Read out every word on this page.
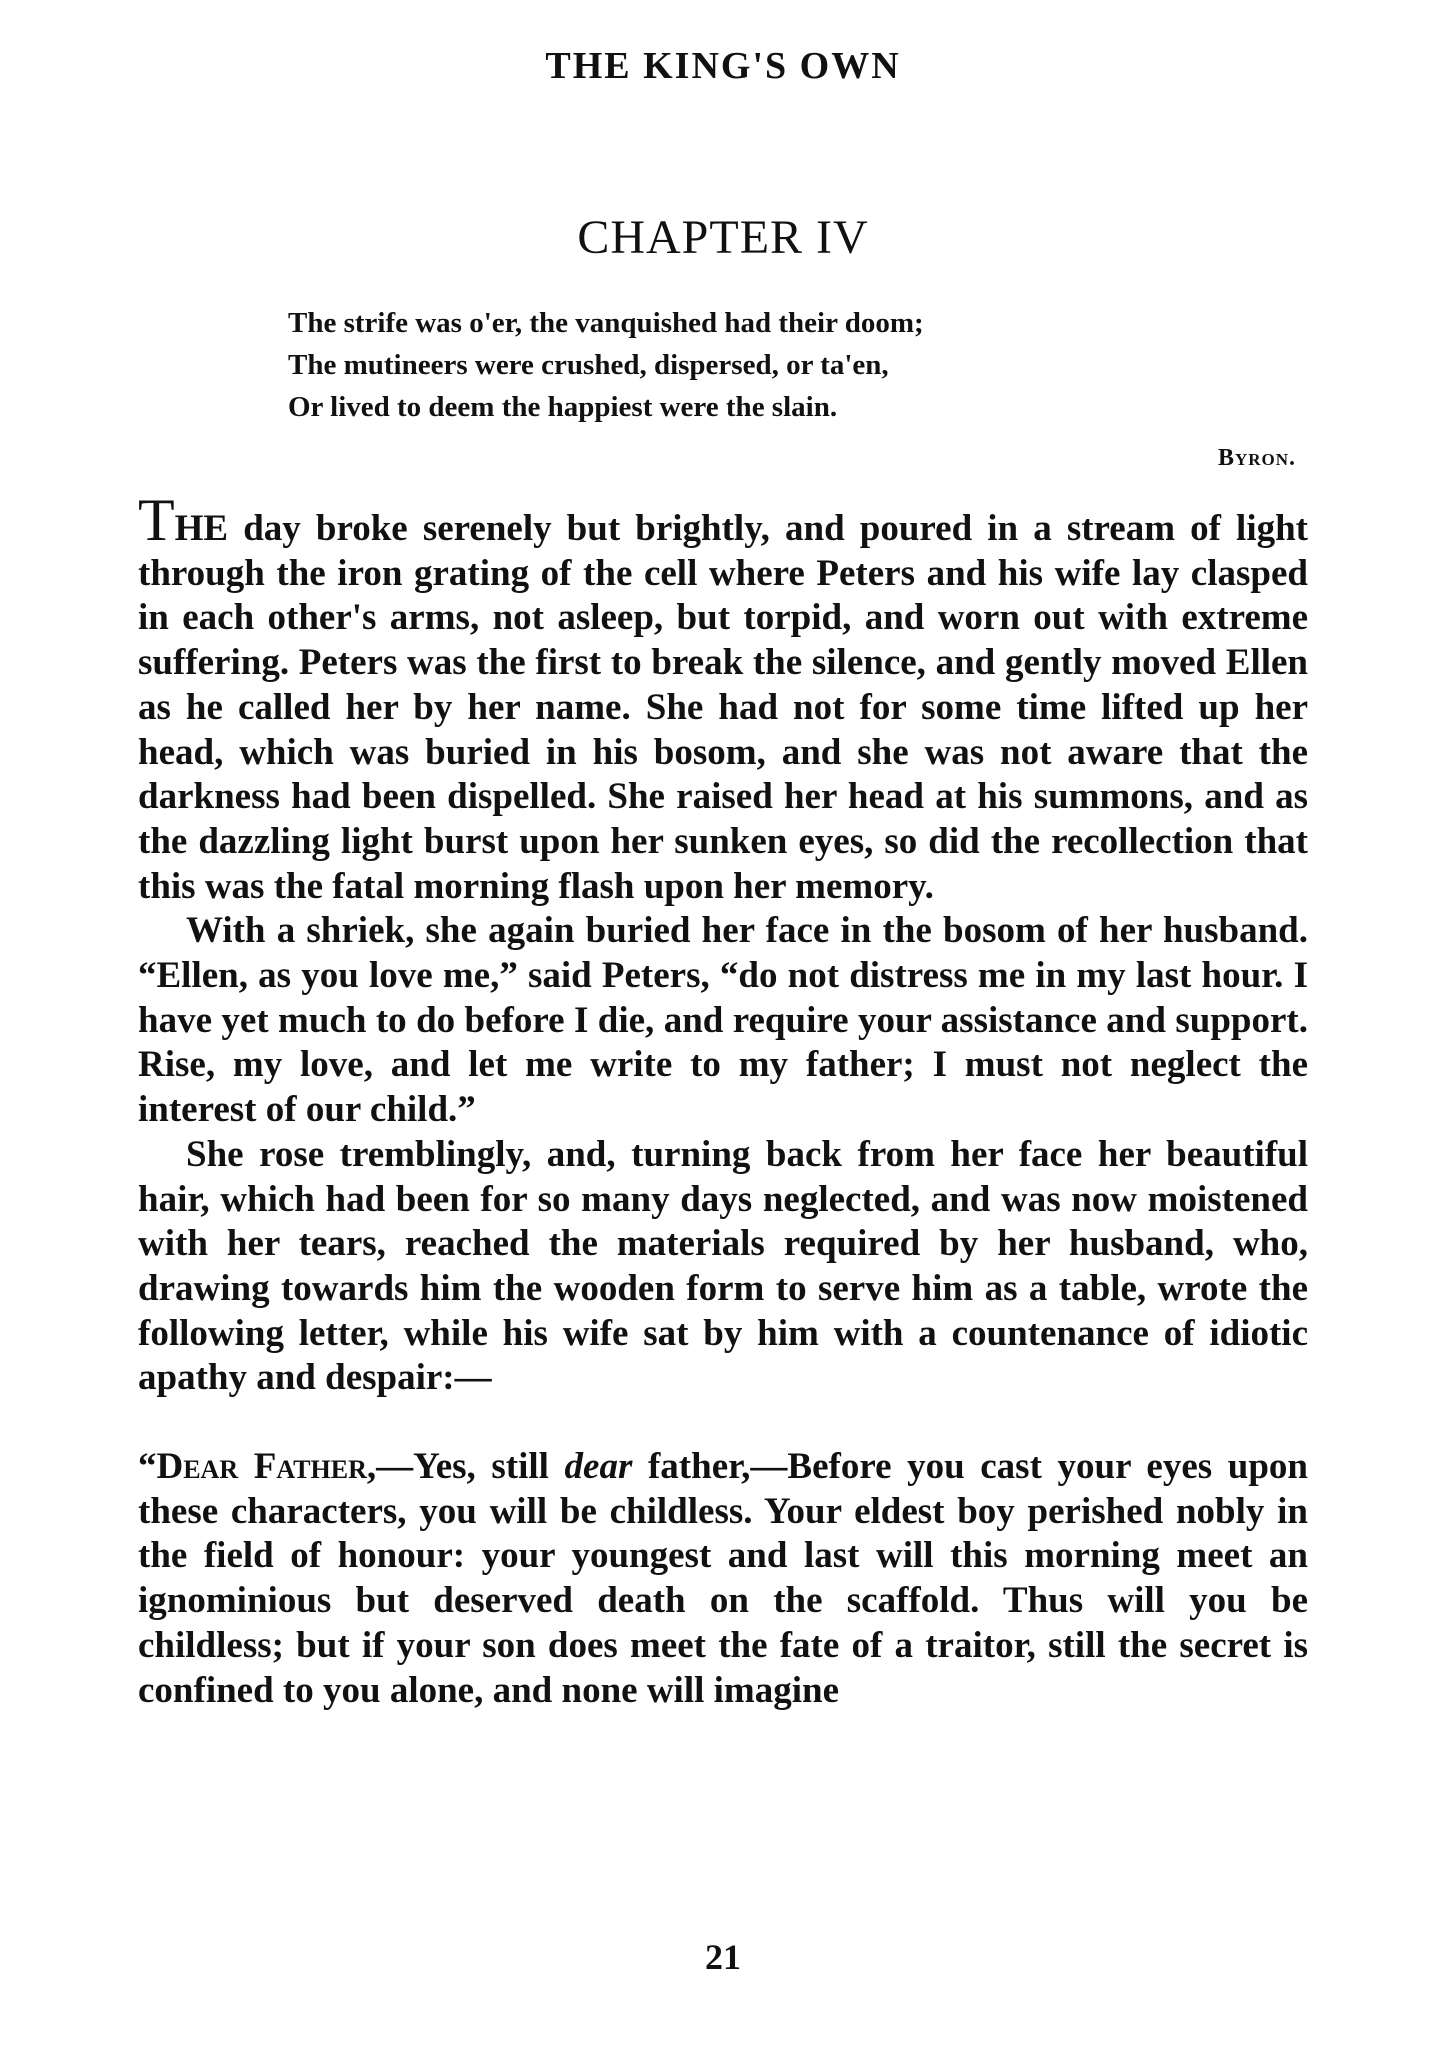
THE KING'S OWN
CHAPTER IV
The strife was o'er, the vanquished had their doom;
The mutineers were crushed, dispersed, or ta'en,
Or lived to deem the happiest were the slain.
Byron.

THE day broke serenely but brightly, and poured in a stream of light through the iron grating of the cell where Peters and his wife lay clasped in each other's arms, not asleep, but torpid, and worn out with extreme suffering. Peters was the first to break the silence, and gently moved Ellen as he called her by her name. She had not for some time lifted up her head, which was buried in his bosom, and she was not aware that the darkness had been dispelled. She raised her head at his summons, and as the dazzling light burst upon her sunken eyes, so did the recollection that this was the fatal morning flash upon her memory.

With a shriek, she again buried her face in the bosom of her husband. “Ellen, as you love me,” said Peters, “do not distress me in my last hour. I have yet much to do before I die, and require your assistance and support. Rise, my love, and let me write to my father; I must not neglect the interest of our child.”

She rose tremblingly, and, turning back from her face her beautiful hair, which had been for so many days neglected, and was now moistened with her tears, reached the materials required by her husband, who, drawing towards him the wooden form to serve him as a table, wrote the following letter, while his wife sat by him with a countenance of idiotic apathy and despair:—

“Dear Father,—Yes, still dear father,—Before you cast your eyes upon these characters, you will be childless. Your eldest boy perished nobly in the field of honour: your youngest and last will this morning meet an ignominious but deserved death on the scaffold. Thus will you be childless; but if your son does meet the fate of a traitor, still the secret is confined to you alone, and none will imagine

21
